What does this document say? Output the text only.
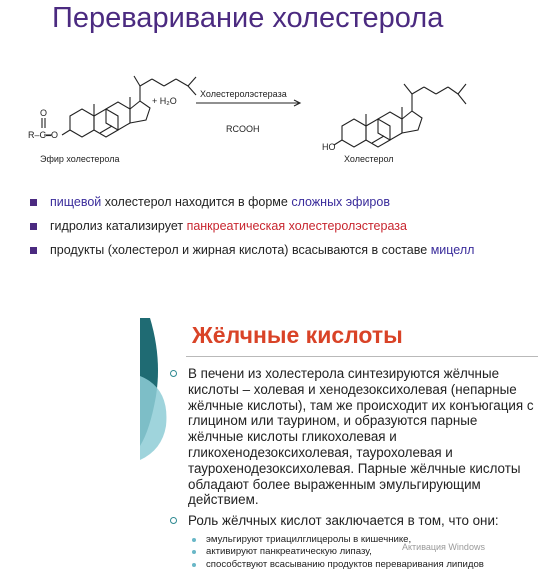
Переваривание холестерола
O
R–C–O
HO
+ H₂O
Холестеролэстераза
RCOOH
Эфир холестерола	Холестерол
пищевой холестерол находится в форме сложных эфиров
гидролиз катализирует панкреатическая холестеролэстераза
продукты (холестерол и жирная кислота) всасываются в составе мицелл
Жёлчные кислоты
В печени из холестерола синтезируются жёлчные кислоты – холевая и хенодезоксихолевая (непарные жёлчные кислоты), там же происходит их конъюгация с глицином или таурином, и образуются парные жёлчные кислоты гликохолевая и гликохенодезоксихолевая, таурохолевая и таурохенодезоксихолевая. Парные жёлчные кислоты обладают более выраженным эмульгирующим действием.
Роль жёлчных кислот заключается в том, что они:
эмульгируют триацилглицеролы в кишечнике,
активируют панкреатическую липазу,
способствуют всасыванию продуктов переваривания липидов
Активация Windows
